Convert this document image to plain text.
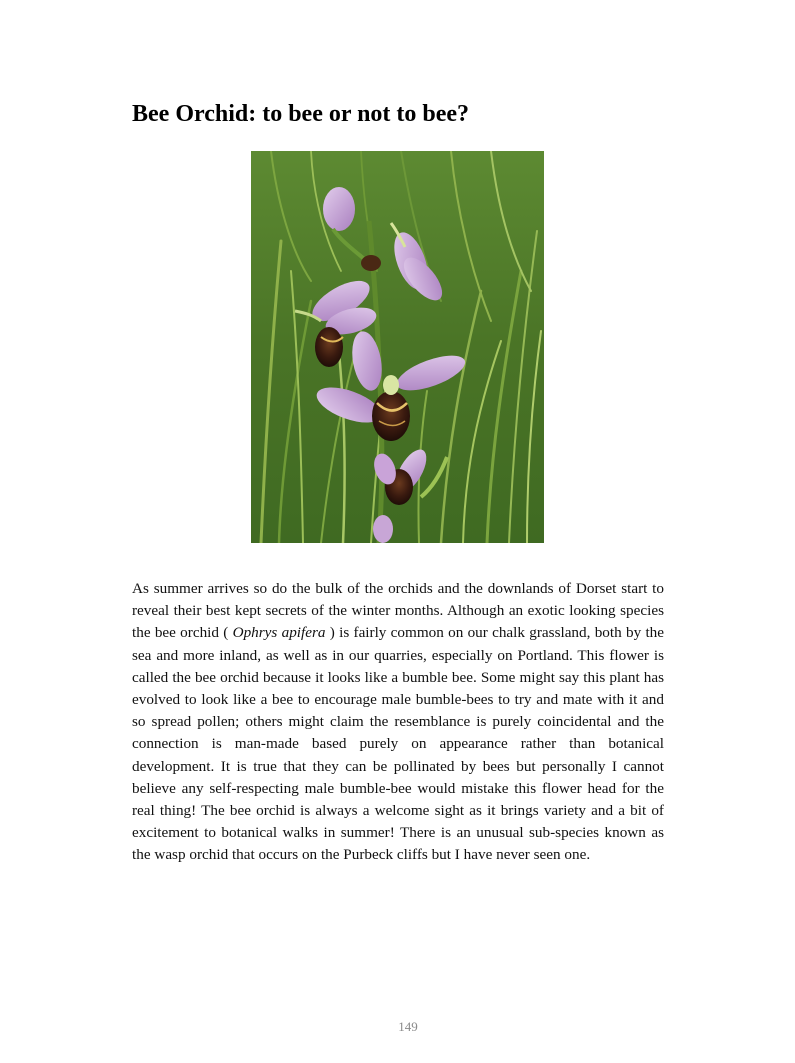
Bee Orchid: to bee or not to bee?

As summer arrives so do the bulk of the orchids and the downlands of Dorset start to reveal their best kept secrets of the winter months. Although an exotic looking species the bee orchid ( Ophrys apifera ) is fairly common on our chalk grassland, both by the sea and more inland, as well as in our quarries, especially on Portland. This flower is called the bee orchid because it looks like a bumble bee. Some might say this plant has evolved to look like a bee to encourage male bumble-bees to try and mate with it and so spread pollen; others might claim the resemblance is purely coincidental and the connection is man-made based purely on appearance rather than botanical development. It is true that they can be pollinated by bees but personally I cannot believe any self-respecting male bumble-bee would mistake this flower head for the real thing! The bee orchid is always a welcome sight as it brings variety and a bit of excitement to botanical walks in summer! There is an unusual sub-species known as the wasp orchid that occurs on the Purbeck cliffs but I have never seen one.

149
